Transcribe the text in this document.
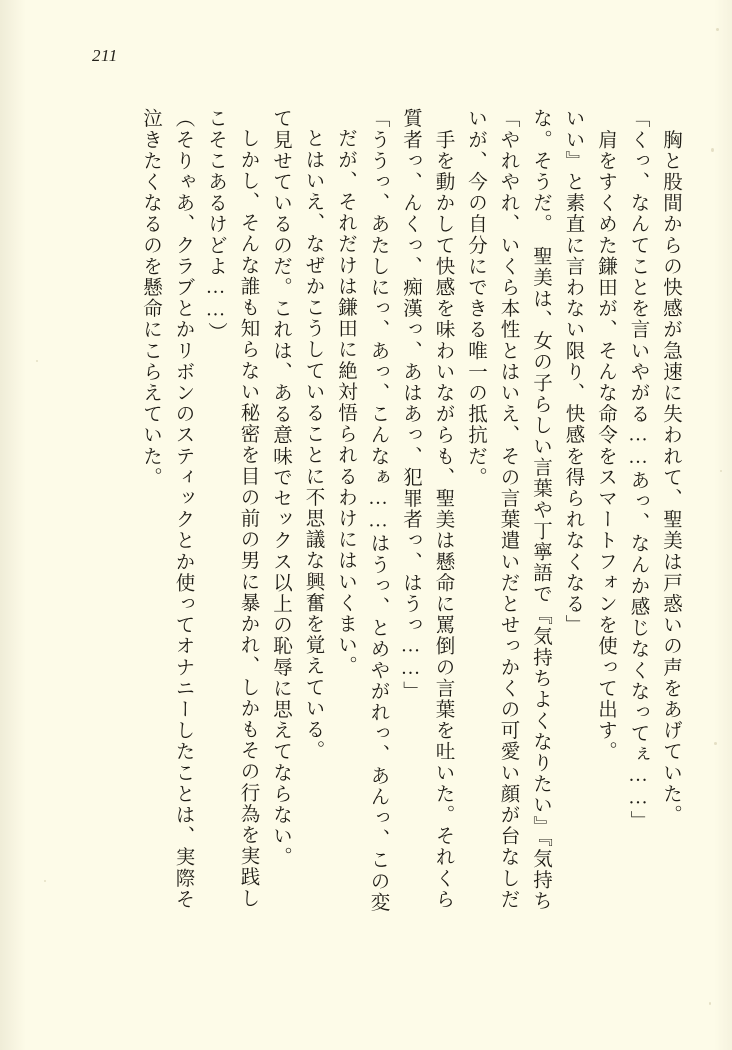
211
泣きたくなるのを懸命にこらえていた。 （そりゃあ、クラブとかリボンのスティックとか使ってオナニーしたことは、実際そ こそこあるけどよ……） しかし、そんな誰も知らない秘密を目の前の男に暴かれ、しかもその行為を実践し て見せているのだ。これは、ある意味でセックス以上の恥辱に思えてならない。 とはいえ、なぜかこうしていることに不思議な興奮を覚えている。 だが、それだけは鎌田に絶対悟られるわけにはいくまい。 「ううっ、あたしにっ、あっ、こんなぁ……はうっ、とめやがれっ、あんっ、この変 質者っ、んくっ、痴漢っ、あはあっ、犯罪者っ、はうっ……」 　手を動かして快感を味わいながらも、聖美は懸命に罵倒の言葉を吐いた。それくら いが、今の自分にできる唯一の抵抗だ。 「やれやれ、いくら本性とはいえ、その言葉遣いだとせっかくの可愛い顔が台なしだ な。そうだ。　聖美は、女の子らしい言葉や丁寧語で『気持ちよくなりたい』『気持ち いい』と素直に言わない限り、快感を得られなくなる」 　肩をすくめた鎌田が、そんな命令をスマートフォンを使って出す。 「くっ、なんてことを言いやがる……あっ、なんか感じなくなってぇ……」 　胸と股間からの快感が急速に失われて、聖美は戸惑いの声をあげていた。
